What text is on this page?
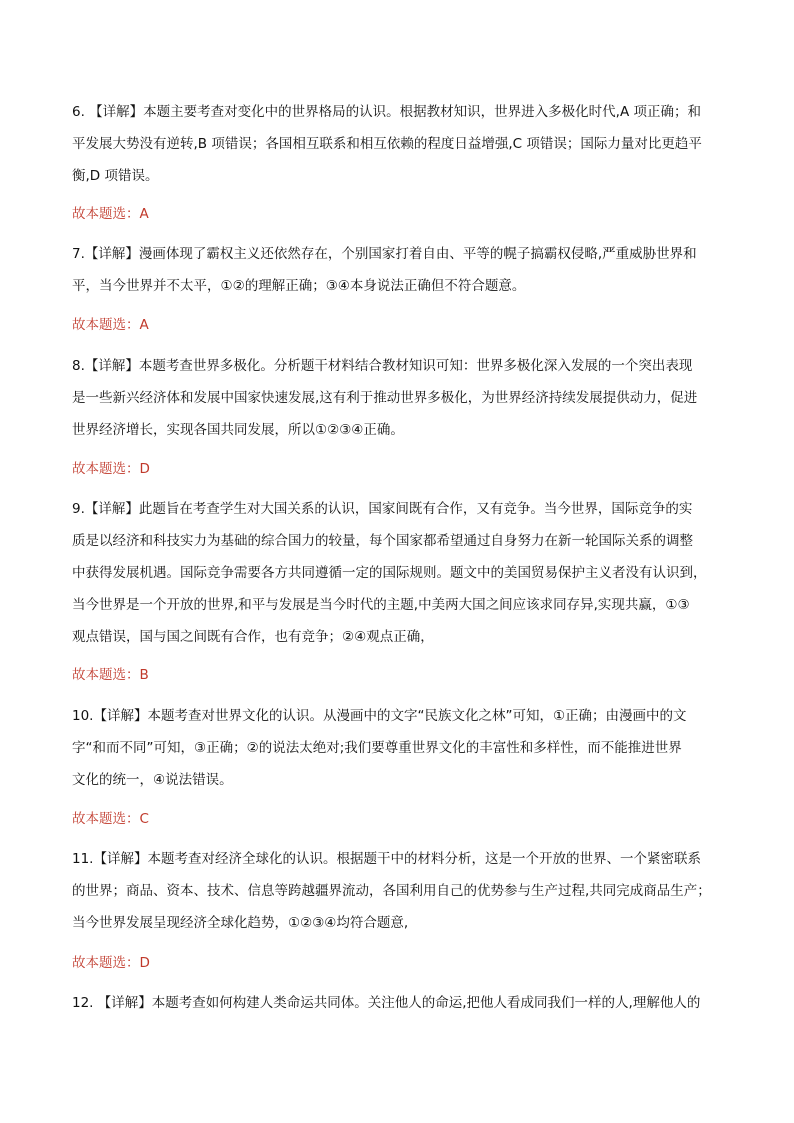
6. 【详解】本题主要考查对变化中的世界格局的认识。根据教材知识，世界进入多极化时代,A 项正确；和
平发展大势没有逆转,B 项错误；各国相互联系和相互依赖的程度日益增强,C 项错误；国际力量对比更趋平
衡,D 项错误。
故本题选：A
7.【详解】漫画体现了霸权主义还依然存在，个别国家打着自由、平等的幌子搞霸权侵略,严重威胁世界和
平，当今世界并不太平，①②的理解正确；③④本身说法正确但不符合题意。
故本题选：A
8.【详解】本题考查世界多极化。分析题干材料结合教材知识可知：世界多极化深入发展的一个突出表现
是一些新兴经济体和发展中国家快速发展,这有利于推动世界多极化，为世界经济持续发展提供动力，促进
世界经济增长，实现各国共同发展，所以①②③④正确。
故本题选：D
9.【详解】此题旨在考查学生对大国关系的认识，国家间既有合作，又有竞争。当今世界，国际竞争的实
质是以经济和科技实力为基础的综合国力的较量，每个国家都希望通过自身努力在新一轮国际关系的调整
中获得发展机遇。国际竞争需要各方共同遵循一定的国际规则。题文中的美国贸易保护主义者没有认识到，
当今世界是一个开放的世界,和平与发展是当今时代的主题,中美两大国之间应该求同存异,实现共赢，①③
观点错误，国与国之间既有合作，也有竞争；②④观点正确，
故本题选：B
10.【详解】本题考查对世界文化的认识。从漫画中的文字“民族文化之林”可知，①正确；由漫画中的文
字“和而不同”可知，③正确；②的说法太绝对;我们要尊重世界文化的丰富性和多样性，而不能推进世界
文化的统一，④说法错误。
故本题选：C
11.【详解】本题考查对经济全球化的认识。根据题干中的材料分析，这是一个开放的世界、一个紧密联系
的世界；商品、资本、技术、信息等跨越疆界流动，各国利用自己的优势参与生产过程,共同完成商品生产；
当今世界发展呈现经济全球化趋势，①②③④均符合题意,
故本题选：D
12. 【详解】本题考查如何构建人类命运共同体。关注他人的命运,把他人看成同我们一样的人,理解他人的
